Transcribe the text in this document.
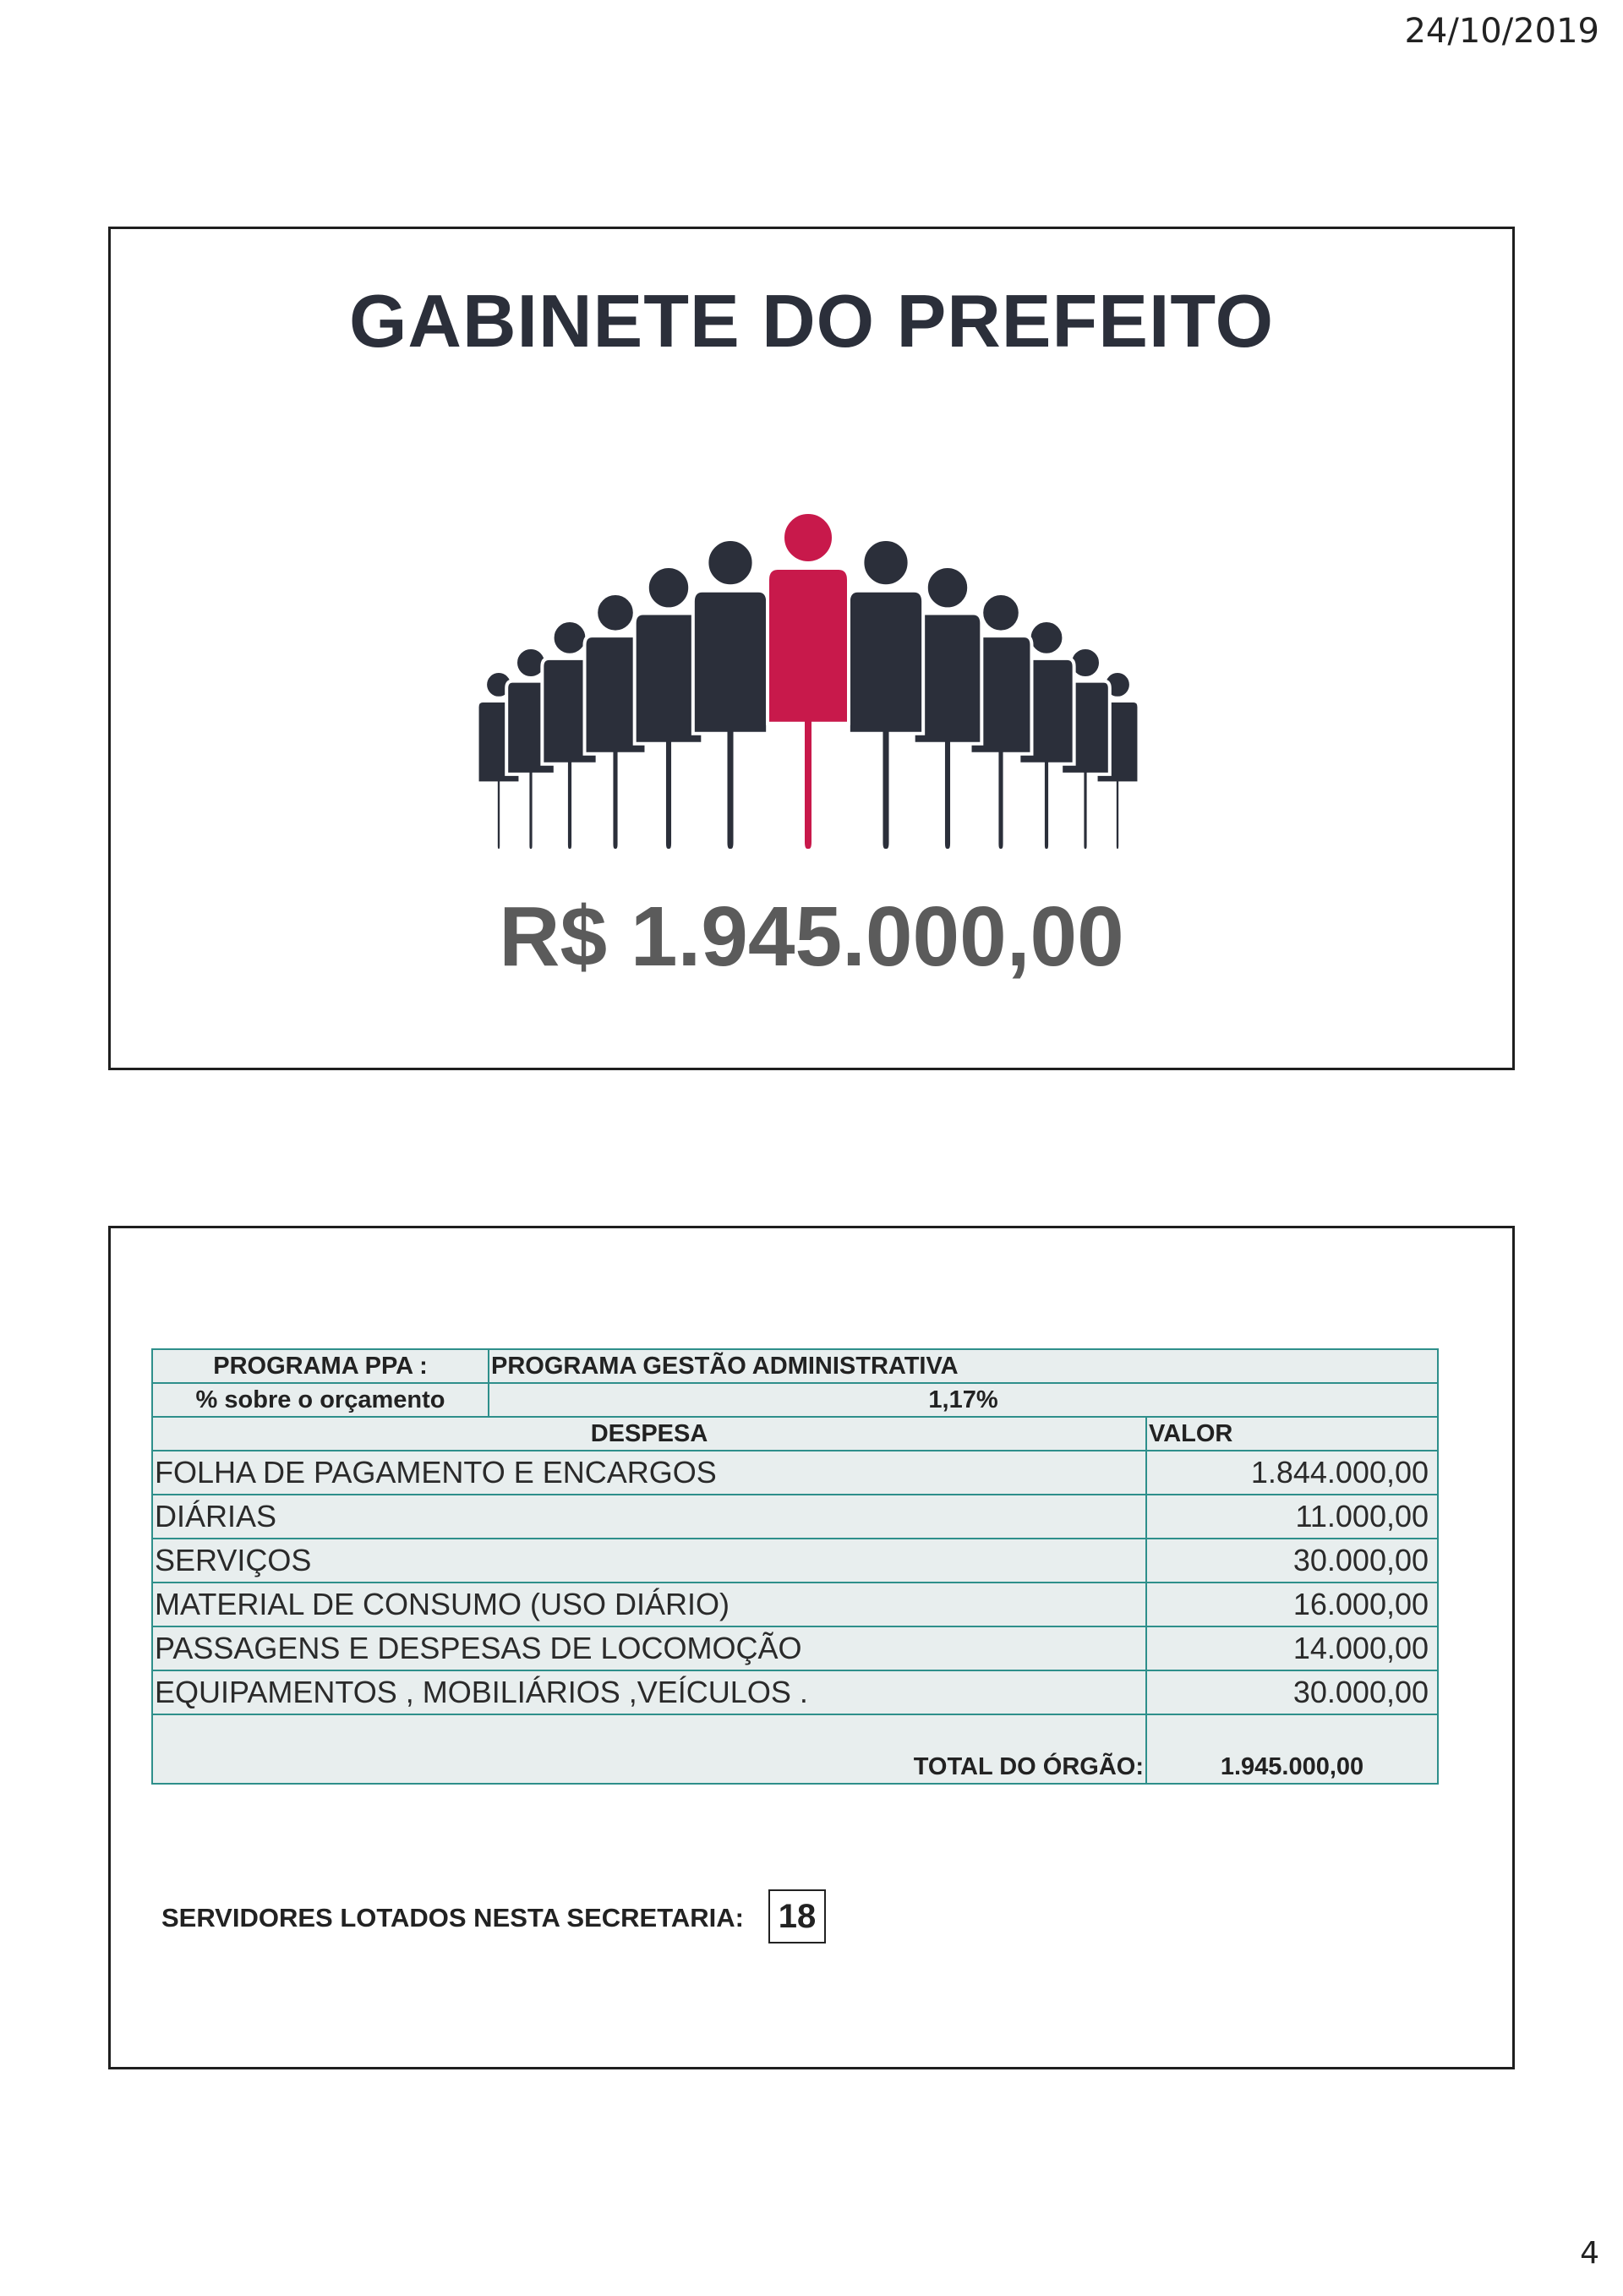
24/10/2019
GABINETE DO PREFEITO
R$ 1.945.000,00
PROGRAMA PPA :	PROGRAMA GESTÃO ADMINISTRATIVA	
% sobre o orçamento	1,17%	
DESPESA		VALOR
FOLHA DE PAGAMENTO E ENCARGOS		1.844.000,00
DIÁRIAS		11.000,00
SERVIÇOS		30.000,00
MATERIAL DE CONSUMO (USO DIÁRIO)		16.000,00
PASSAGENS E DESPESAS DE LOCOMOÇÃO		14.000,00
EQUIPAMENTOS , MOBILIÁRIOS ,VEÍCULOS .		30.000,00
TOTAL DO ÓRGÃO:		1.945.000,00
SERVIDORES LOTADOS NESTA SECRETARIA: 18
4
